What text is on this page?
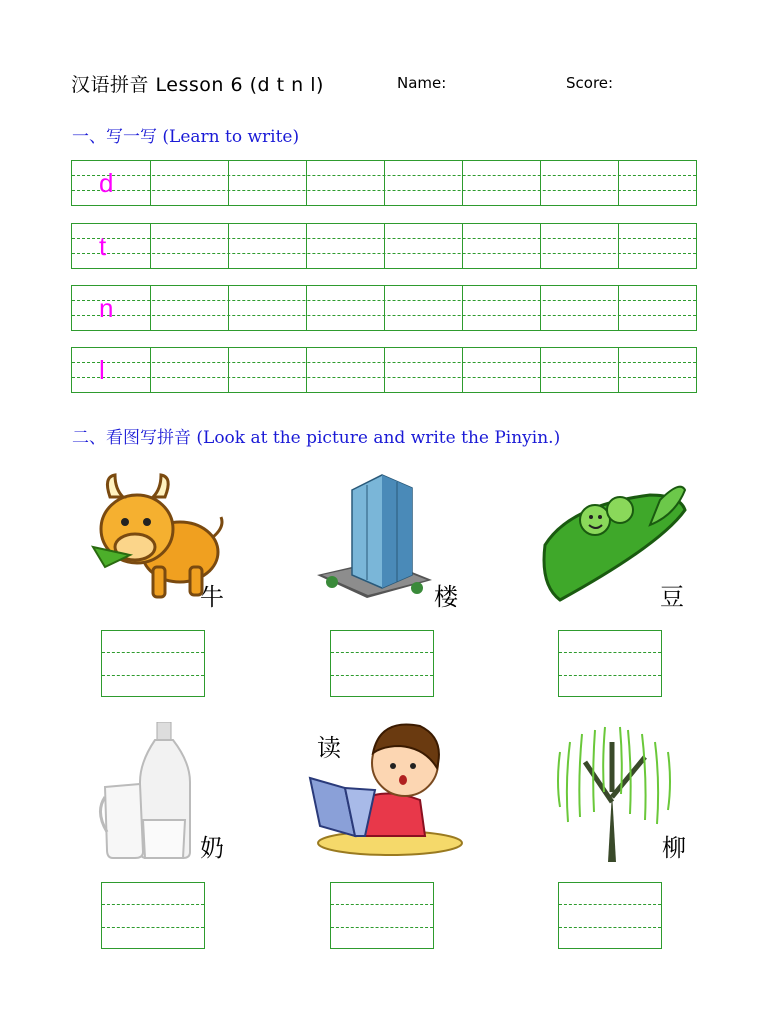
汉语拼音 Lesson 6 (d t n l)	Name:	Score:
一、写一写 (Learn to write)
d
t
n
l
二、看图写拼音 (Look at the picture and write the Pinyin.)
牛	楼	豆
奶
读
柳
